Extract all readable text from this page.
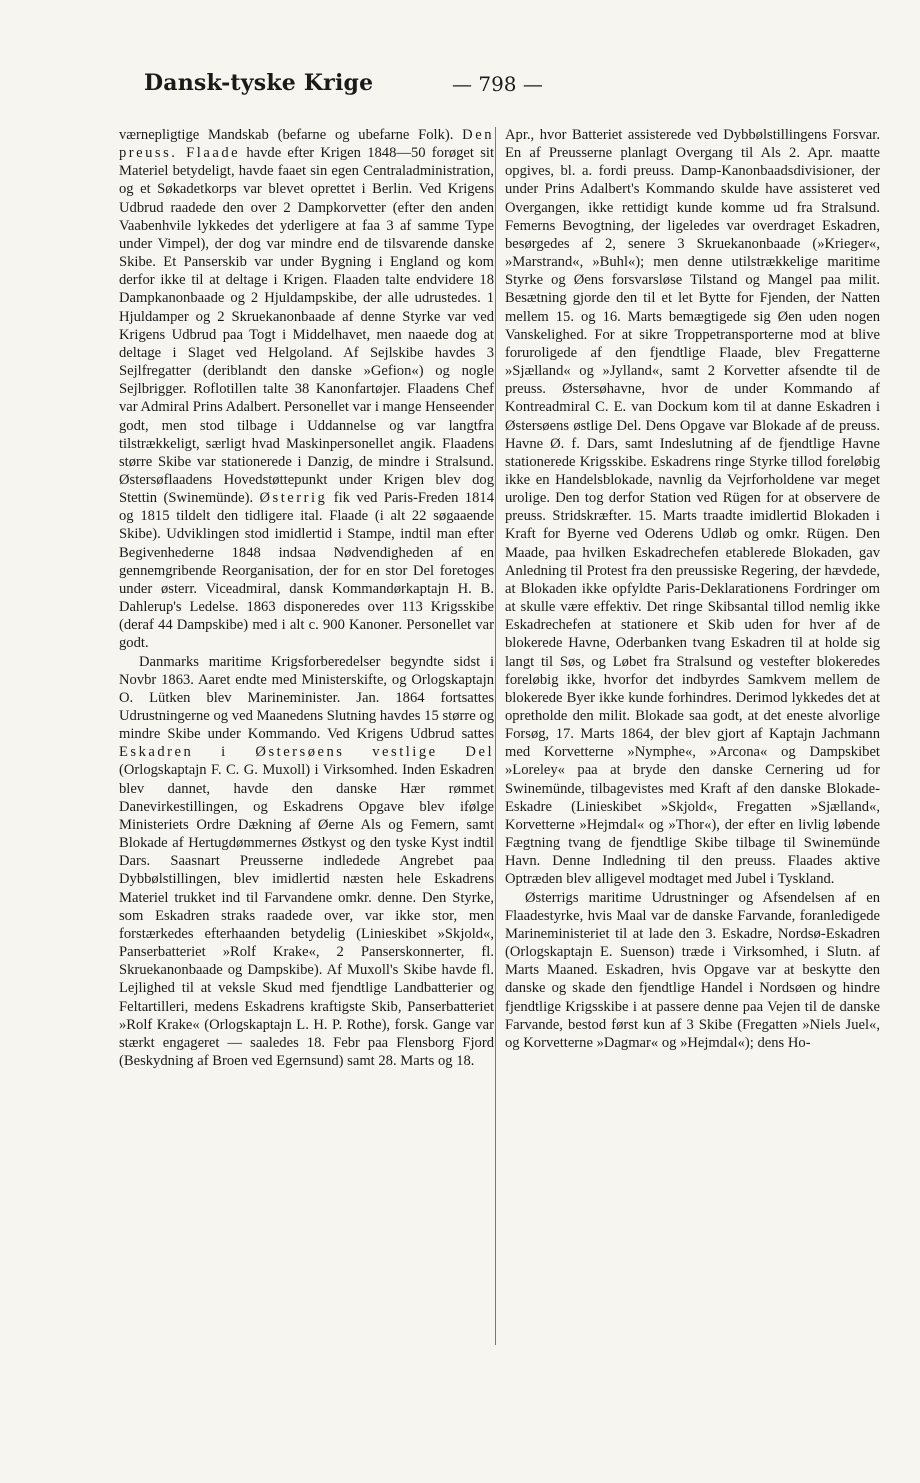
Dansk-tyske Krige	— 798 —

værnepligtige Mandskab (befarne og ubefarne Folk). Den preuss. Flaade havde efter Krigen 1848—50 forøget sit Materiel betydeligt, havde faaet sin egen Centraladministration, og et Søkadetkorps var blevet oprettet i Berlin. Ved Krigens Udbrud raadede den over 2 Dampkorvetter (efter den anden Vaabenhvile lykkedes det yderligere at faa 3 af samme Type under Vimpel), der dog var mindre end de tilsvarende danske Skibe. Et Panserskib var under Bygning i England og kom derfor ikke til at deltage i Krigen. Flaaden talte endvidere 18 Dampkanonbaade og 2 Hjuldampskibe, der alle udrustedes. 1 Hjuldamper og 2 Skruekanonbaade af denne Styrke var ved Krigens Udbrud paa Togt i Middelhavet, men naaede dog at deltage i Slaget ved Helgoland. Af Sejlskibe havdes 3 Sejlfregatter (deriblandt den danske »Gefion«) og nogle Sejlbrigger. Roflotillen talte 38 Kanonfartøjer. Flaadens Chef var Admiral Prins Adalbert. Personellet var i mange Henseender godt, men stod tilbage i Uddannelse og var langtfra tilstrækkeligt, særligt hvad Maskinpersonellet angik. Flaadens større Skibe var stationerede i Danzig, de mindre i Stralsund. Østersøflaadens Hovedstøttepunkt under Krigen blev dog Stettin (Swinemünde). Østerrig fik ved Paris-Freden 1814 og 1815 tildelt den tidligere ital. Flaade (i alt 22 søgaaende Skibe). Udviklingen stod imidlertid i Stampe, indtil man efter Begivenhederne 1848 indsaa Nødvendigheden af en gennemgribende Reorganisation, der for en stor Del foretoges under østerr. Viceadmiral, dansk Kommandørkaptajn H. B. Dahlerup's Ledelse. 1863 disponeredes over 113 Krigsskibe (deraf 44 Dampskibe) med i alt c. 900 Kanoner. Personellet var godt.

Danmarks maritime Krigsforberedelser begyndte sidst i Novbr 1863. Aaret endte med Ministerskifte, og Orlogskaptajn O. Lütken blev Marineminister. Jan. 1864 fortsattes Udrustningerne og ved Maanedens Slutning havdes 15 større og mindre Skibe under Kommando. Ved Krigens Udbrud sattes Eskadren i Østersøens vestlige Del (Orlogskaptajn F. C. G. Muxoll) i Virksomhed. Inden Eskadren blev dannet, havde den danske Hær rømmet Danevirkestillingen, og Eskadrens Opgave blev ifølge Ministeriets Ordre Dækning af Øerne Als og Femern, samt Blokade af Hertugdømmernes Østkyst og den tyske Kyst indtil Dars. Saasnart Preusserne indledede Angrebet paa Dybbølstillingen, blev imidlertid næsten hele Eskadrens Materiel trukket ind til Farvandene omkr. denne. Den Styrke, som Eskadren straks raadede over, var ikke stor, men forstærkedes efterhaanden betydelig (Linieskibet »Skjold«, Panserbatteriet »Rolf Krake«, 2 Panserskonnerter, fl. Skruekanonbaade og Dampskibe). Af Muxoll's Skibe havde fl. Lejlighed til at veksle Skud med fjendtlige Landbatterier og Feltartilleri, medens Eskadrens kraftigste Skib, Panserbatteriet »Rolf Krake« (Orlogskaptajn L. H. P. Rothe), forsk. Gange var stærkt engageret — saaledes 18. Febr paa Flensborg Fjord (Beskydning af Broen ved Egernsund) samt 28. Marts og 18.

Apr., hvor Batteriet assisterede ved Dybbølstillingens Forsvar. En af Preusserne planlagt Overgang til Als 2. Apr. maatte opgives, bl. a. fordi preuss. Damp-Kanonbaadsdivisioner, der under Prins Adalbert's Kommando skulde have assisteret ved Overgangen, ikke rettidigt kunde komme ud fra Stralsund. Femerns Bevogtning, der ligeledes var overdraget Eskadren, besørgedes af 2, senere 3 Skruekanonbaade (»Krieger«, »Marstrand«, »Buhl«); men denne utilstrækkelige maritime Styrke og Øens forsvarsløse Tilstand og Mangel paa milit. Besætning gjorde den til et let Bytte for Fjenden, der Natten mellem 15. og 16. Marts bemægtigede sig Øen uden nogen Vanskelighed. For at sikre Troppetransporterne mod at blive foruroligede af den fjendtlige Flaade, blev Fregatterne »Sjælland« og »Jylland«, samt 2 Korvetter afsendte til de preuss. Østersøhavne, hvor de under Kommando af Kontreadmiral C. E. van Dockum kom til at danne Eskadren i Østersøens østlige Del. Dens Opgave var Blokade af de preuss. Havne Ø. f. Dars, samt Indeslutning af de fjendtlige Havne stationerede Krigsskibe. Eskadrens ringe Styrke tillod foreløbig ikke en Handelsblokade, navnlig da Vejrforholdene var meget urolige. Den tog derfor Station ved Rügen for at observere de preuss. Stridskræfter. 15. Marts traadte imidlertid Blokaden i Kraft for Byerne ved Oderens Udløb og omkr. Rügen. Den Maade, paa hvilken Eskadrechefen etablerede Blokaden, gav Anledning til Protest fra den preussiske Regering, der hævdede, at Blokaden ikke opfyldte Paris-Deklarationens Fordringer om at skulle være effektiv. Det ringe Skibsantal tillod nemlig ikke Eskadrechefen at stationere et Skib uden for hver af de blokerede Havne, Oderbanken tvang Eskadren til at holde sig langt til Søs, og Løbet fra Stralsund og vestefter blokeredes foreløbig ikke, hvorfor det indbyrdes Samkvem mellem de blokerede Byer ikke kunde forhindres. Derimod lykkedes det at opretholde den milit. Blokade saa godt, at det eneste alvorlige Forsøg, 17. Marts 1864, der blev gjort af Kaptajn Jachmann med Korvetterne »Nymphe«, »Arcona« og Dampskibet »Loreley« paa at bryde den danske Cernering ud for Swinemünde, tilbagevistes med Kraft af den danske Blokade-Eskadre (Linieskibet »Skjold«, Fregatten »Sjælland«, Korvetterne »Hejmdal« og »Thor«), der efter en livlig løbende Fægtning tvang de fjendtlige Skibe tilbage til Swinemünde Havn. Denne Indledning til den preuss. Flaades aktive Optræden blev alligevel modtaget med Jubel i Tyskland.

Østerrigs maritime Udrustninger og Afsendelsen af en Flaadestyrke, hvis Maal var de danske Farvande, foranledigede Marineministeriet til at lade den 3. Eskadre, Nordsø-Eskadren (Orlogskaptajn E. Suenson) træde i Virksomhed, i Slutn. af Marts Maaned. Eskadren, hvis Opgave var at beskytte den danske og skade den fjendtlige Handel i Nordsøen og hindre fjendtlige Krigsskibe i at passere denne paa Vejen til de danske Farvande, bestod først kun af 3 Skibe (Fregatten »Niels Juel«, og Korvetterne »Dagmar« og »Hejmdal«); dens Ho-
